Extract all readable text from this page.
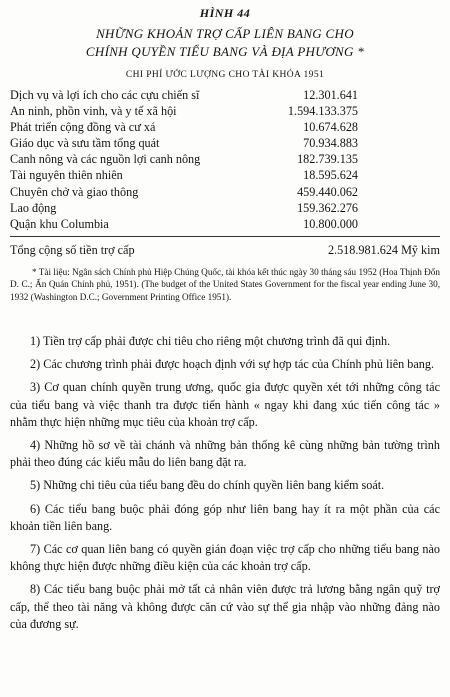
HÌNH 44
NHỮNG KHOẢN TRỢ CẤP LIÊN BANG CHO
CHÍNH QUYỀN TIỂU BANG VÀ ĐỊA PHƯƠNG *
CHI PHÍ ƯỚC LƯỢNG CHO TÀI KHÓA 1951
Dịch vụ và lợi ích cho các cựu chiến sĩ	12.301.641
An ninh, phồn vinh, và y tế xã hội	1.594.133.375
Phát triển cộng đồng và cư xá	10.674.628
Giáo dục và sưu tầm tổng quát	70.934.883
Canh nông và các nguồn lợi canh nông	182.739.135
Tài nguyên thiên nhiên	18.595.624
Chuyên chở và giao thông	459.440.062
Lao động	159.362.276
Quận khu Columbia	10.800.000
Tổng cộng số tiền trợ cấp	2.518.981.624 Mỹ kim
* Tài liệu: Ngân sách Chính phủ Hiệp Chúng Quốc, tài khóa kết thúc ngày 30 tháng sáu 1952 (Hoa Thịnh Đốn D. C.; Ấn Quán Chính phủ, 1951). (The budget of the United States Government for the fiscal year ending June 30, 1932 (Washington D.C.; Government Printing Office 1951).

1) Tiền trợ cấp phải được chi tiêu cho riêng một chương trình đã qui định.

2) Các chương trình phải được hoạch định với sự hợp tác của Chính phủ liên bang.

3) Cơ quan chính quyền trung ương, quốc gia được quyền xét tới những công tác của tiểu bang và việc thanh tra được tiến hành « ngay khi đang xúc tiến công tác » nhằm thực hiện những mục tiêu của khoản trợ cấp.

4) Những hồ sơ về tài chánh và những bản thống kê cùng những bản tường trình phải theo đúng các kiểu mẫu do liên bang đặt ra.

5) Những chi tiêu của tiểu bang đều do chính quyền liên bang kiểm soát.

6) Các tiểu bang buộc phải đóng góp như liên bang hay ít ra một phần của các khoản tiền liên bang.

7) Các cơ quan liên bang có quyền gián đoạn việc trợ cấp cho những tiểu bang nào không thực hiện được những điều kiện của các khoản trợ cấp.

8) Các tiểu bang buộc phải mở tất cả nhân viên được trả lương bằng ngân quỹ trợ cấp, thể theo tài năng và không được căn cứ vào sự thể gia nhập vào những đảng nào của đương sự.
